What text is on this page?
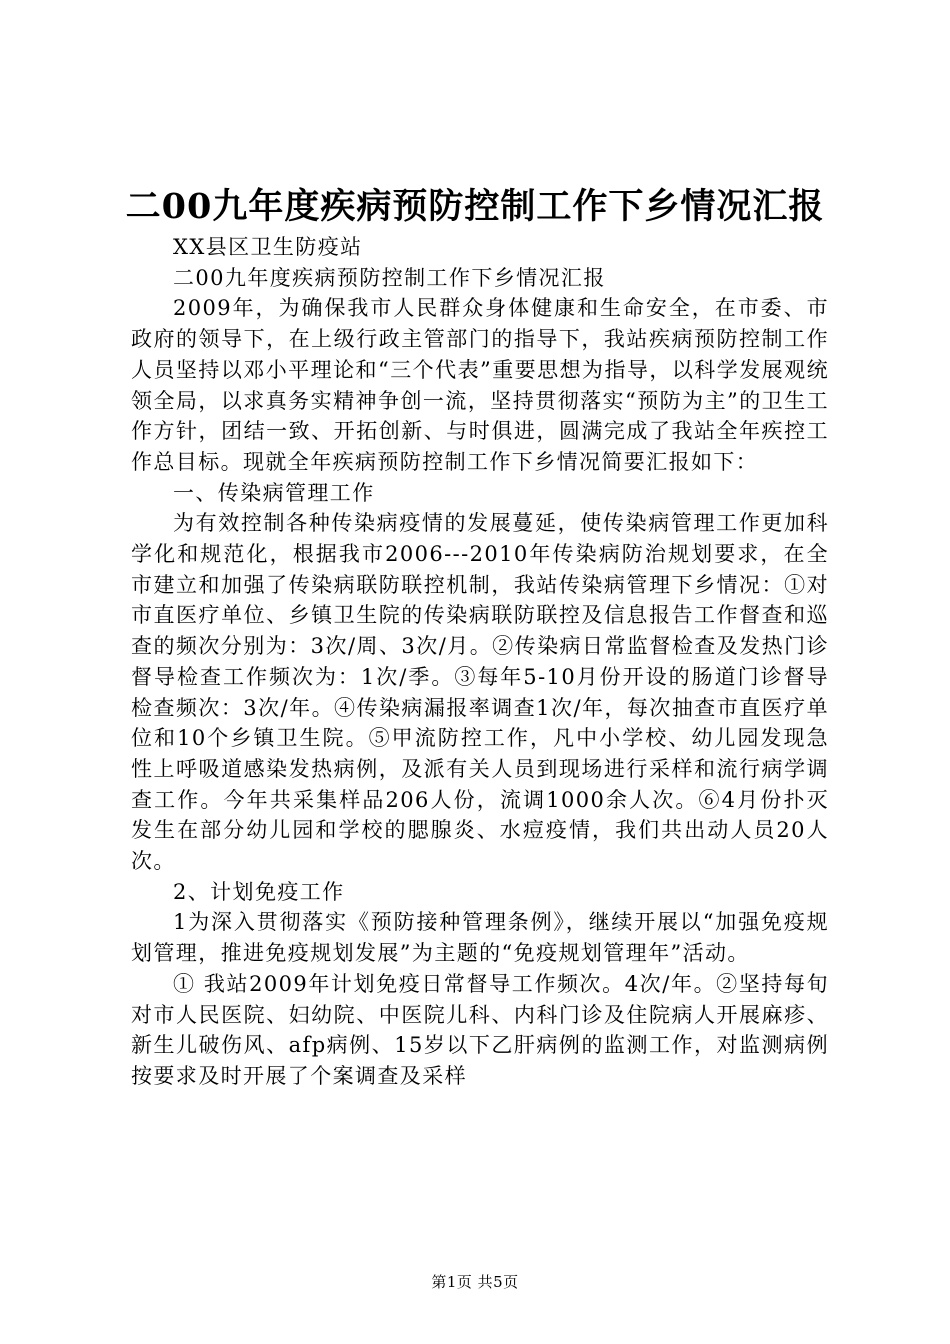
二00九年度疾病预防控制工作下乡情况汇报

XX县区卫生防疫站

二00九年度疾病预防控制工作下乡情况汇报

2009年，为确保我市人民群众身体健康和生命安全，在市委、市政府的领导下，在上级行政主管部门的指导下，我站疾病预防控制工作人员坚持以邓小平理论和“三个代表”重要思想为指导，以科学发展观统领全局，以求真务实精神争创一流，坚持贯彻落实“预防为主”的卫生工作方针，团结一致、开拓创新、与时俱进，圆满完成了我站全年疾控工作总目标。现就全年疾病预防控制工作下乡情况简要汇报如下：

一、传染病管理工作

为有效控制各种传染病疫情的发展蔓延，使传染病管理工作更加科学化和规范化，根据我市2006---2010年传染病防治规划要求，在全市建立和加强了传染病联防联控机制，我站传染病管理下乡情况：①对市直医疗单位、乡镇卫生院的传染病联防联控及信息报告工作督查和巡查的频次分别为：3次/周、3次/月。②传染病日常监督检查及发热门诊督导检查工作频次为：1次/季。③每年5-10月份开设的肠道门诊督导检查频次：3次/年。④传染病漏报率调查1次/年，每次抽查市直医疗单位和10个乡镇卫生院。⑤甲流防控工作，凡中小学校、幼儿园发现急性上呼吸道感染发热病例，及派有关人员到现场进行采样和流行病学调查工作。今年共采集样品206人份，流调1000余人次。⑥4月份扑灭发生在部分幼儿园和学校的腮腺炎、水痘疫情，我们共出动人员20人次。

2、计划免疫工作

1为深入贯彻落实《预防接种管理条例》，继续开展以“加强免疫规划管理，推进免疫规划发展”为主题的“免疫规划管理年”活动。

① 我站2009年计划免疫日常督导工作频次。4次/年。②坚持每旬对市人民医院、妇幼院、中医院儿科、内科门诊及住院病人开展麻疹、新生儿破伤风、afp病例、15岁以下乙肝病例的监测工作，对监测病例按要求及时开展了个案调查及采样

第1页 共5页
